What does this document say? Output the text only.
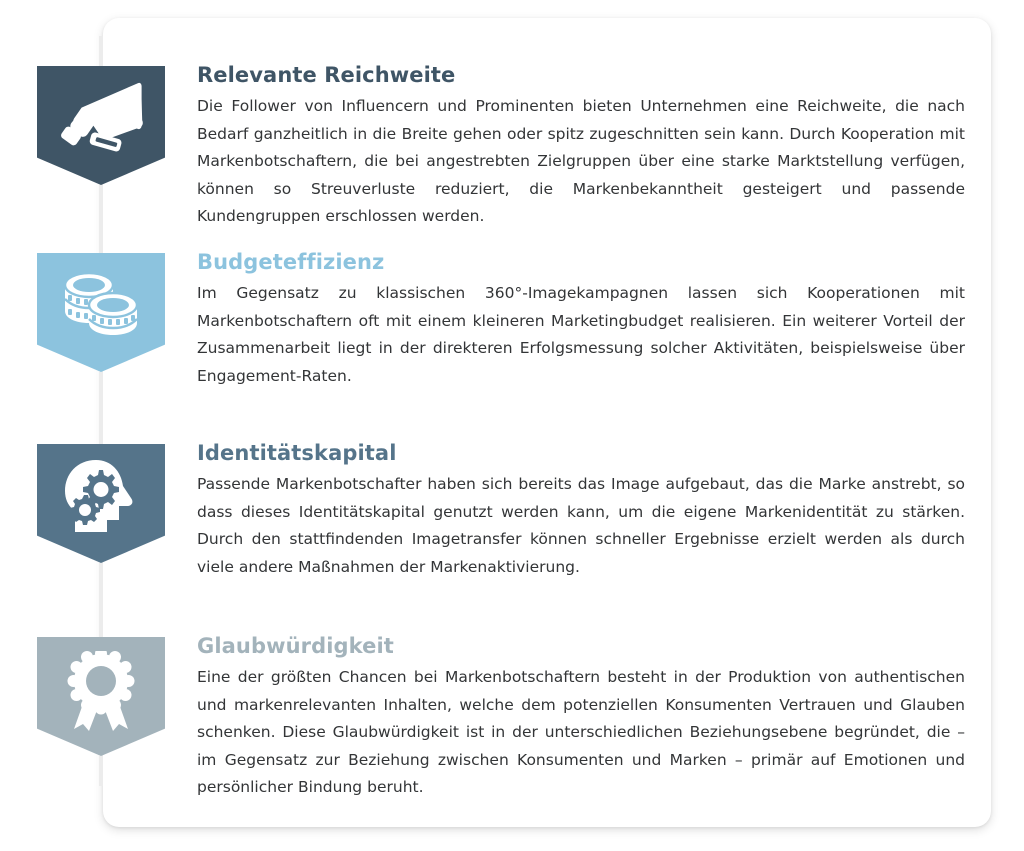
Relevante Reichweite

Die Follower von Influencern und Prominenten bieten Unternehmen eine Reichweite, die nach Bedarf ganzheitlich in die Breite gehen oder spitz zugeschnitten sein kann. Durch Kooperation mit Markenbotschaftern, die bei angestrebten Zielgruppen über eine starke Marktstellung verfügen, können so Streuverluste reduziert, die Markenbekanntheit gesteigert und passende Kundengruppen erschlossen werden.

Budgeteffizienz

Im Gegensatz zu klassischen 360°-Imagekampagnen lassen sich Kooperationen mit Markenbotschaftern oft mit einem kleineren Marketingbudget realisieren. Ein weiterer Vorteil der Zusammenarbeit liegt in der direkteren Erfolgsmessung solcher Aktivitäten, beispielsweise über Engagement-Raten.

Identitätskapital

Passende Markenbotschafter haben sich bereits das Image aufgebaut, das die Marke anstrebt, so dass dieses Identitätskapital genutzt werden kann, um die eigene Markenidentität zu stärken. Durch den stattfindenden Imagetransfer können schneller Ergebnisse erzielt werden als durch viele andere Maßnahmen der Markenaktivierung.

Glaubwürdigkeit

Eine der größten Chancen bei Markenbotschaftern besteht in der Produktion von authentischen und markenrelevanten Inhalten, welche dem potenziellen Konsumenten Vertrauen und Glauben schenken. Diese Glaubwürdigkeit ist in der unterschiedlichen Beziehungsebene begründet, die – im Gegensatz zur Beziehung zwischen Konsumenten und Marken – primär auf Emotionen und persönlicher Bindung beruht.
